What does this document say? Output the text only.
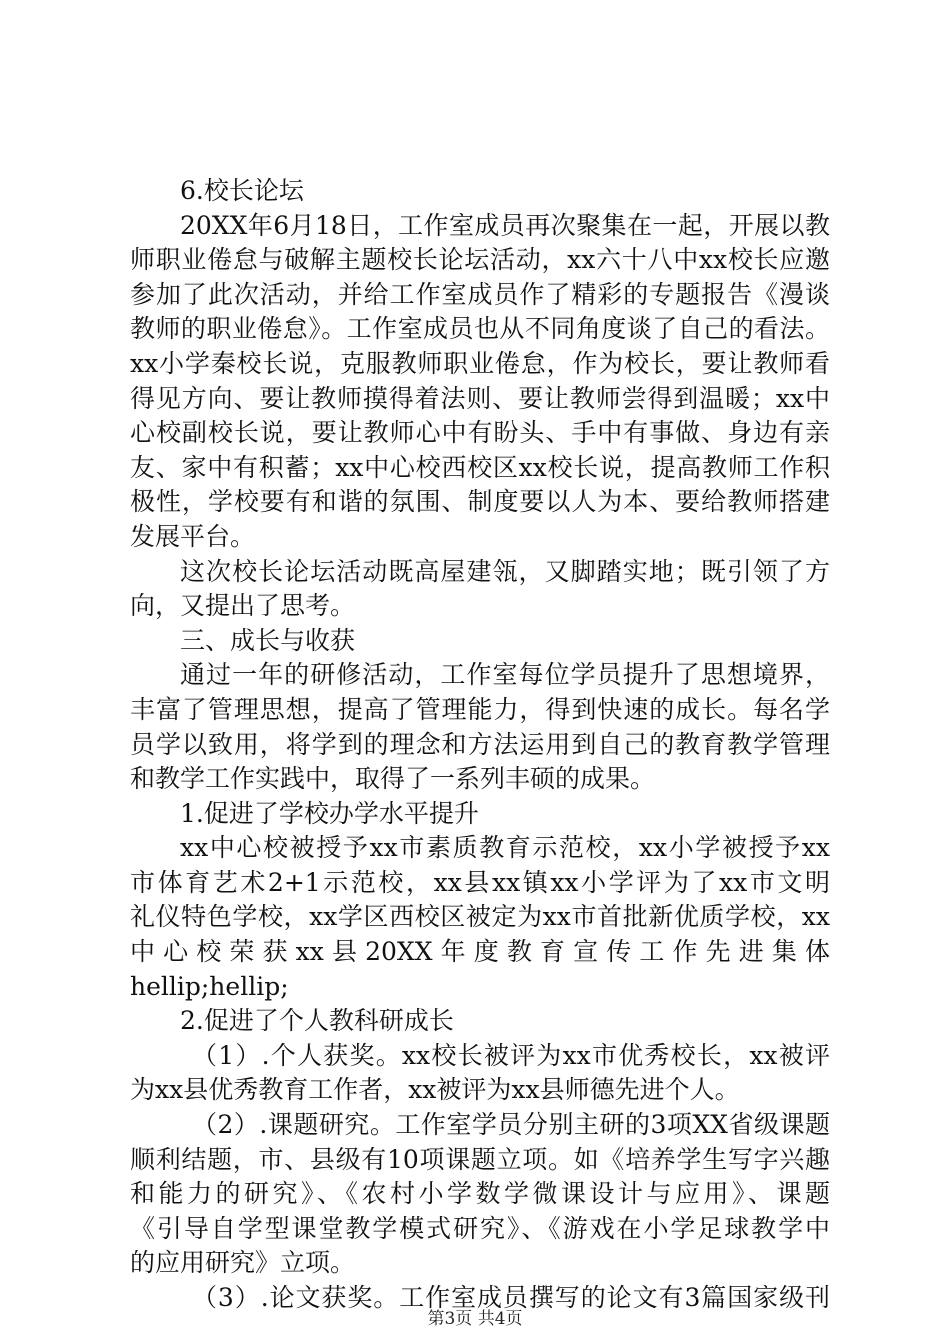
6.校长论坛
20XX年6月18日，工作室成员再次聚集在一起，开展以教
师职业倦怠与破解主题校长论坛活动，xx六十八中xx校长应邀
参加了此次活动，并给工作室成员作了精彩的专题报告《漫谈
教师的职业倦怠》。工作室成员也从不同角度谈了自己的看法。
xx小学秦校长说，克服教师职业倦怠，作为校长，要让教师看
得见方向、要让教师摸得着法则、要让教师尝得到温暖；xx中
心校副校长说，要让教师心中有盼头、手中有事做、身边有亲
友、家中有积蓄；xx中心校西校区xx校长说，提高教师工作积
极性，学校要有和谐的氛围、制度要以人为本、要给教师搭建
发展平台。
这次校长论坛活动既高屋建瓴，又脚踏实地；既引领了方
向，又提出了思考。
三、成长与收获
通过一年的研修活动，工作室每位学员提升了思想境界，
丰富了管理思想，提高了管理能力，得到快速的成长。每名学
员学以致用，将学到的理念和方法运用到自己的教育教学管理
和教学工作实践中，取得了一系列丰硕的成果。
1.促进了学校办学水平提升
xx中心校被授予xx市素质教育示范校，xx小学被授予xx
市体育艺术2+1示范校，xx县xx镇xx小学评为了xx市文明
礼仪特色学校，xx学区西校区被定为xx市首批新优质学校，xx
中心校荣获xx县20XX年度教育宣传工作先进集体
hellip;hellip;
2.促进了个人教科研成长
（1）.个人获奖。xx校长被评为xx市优秀校长，xx被评
为xx县优秀教育工作者，xx被评为xx县师德先进个人。
（2）.课题研究。工作室学员分别主研的3项XX省级课题
顺利结题，市、县级有10项课题立项。如《培养学生写字兴趣
和能力的研究》、《农村小学数学微课设计与应用》、课题
《引导自学型课堂教学模式研究》、《游戏在小学足球教学中
的应用研究》立项。
（3）.论文获奖。工作室成员撰写的论文有3篇国家级刊
第3页 共4页
